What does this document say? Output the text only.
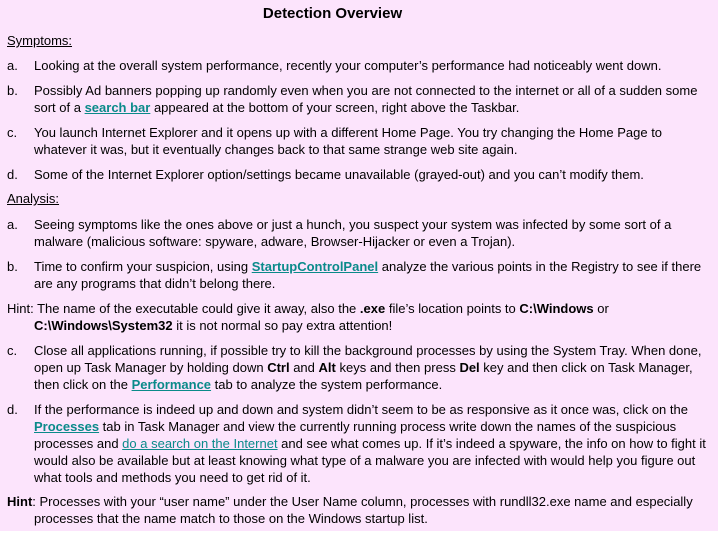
Detection Overview
Symptoms:
a. Looking at the overall system performance, recently your computer’s performance had noticeably went down.
b. Possibly Ad banners popping up randomly even when you are not connected to the internet or all of a sudden some sort of a search bar appeared at the bottom of your screen, right above the Taskbar.
c. You launch Internet Explorer and it opens up with a different Home Page. You try changing the Home Page to whatever it was, but it eventually changes back to that same strange web site again.
d. Some of the Internet Explorer option/settings became unavailable (grayed-out) and you can’t modify them.
Analysis:
a. Seeing symptoms like the ones above or just a hunch, you suspect your system was infected by some sort of a malware (malicious software: spyware, adware, Browser-Hijacker or even a Trojan).
b. Time to confirm your suspicion, using StartupControlPanel analyze the various points in the Registry to see if there are any programs that didn’t belong there.
Hint: The name of the executable could give it away, also the .exe file’s location points to C:\Windows or
C:\Windows\System32 it is not normal so pay extra attention!
c. Close all applications running, if possible try to kill the background processes by using the System Tray. When done, open up Task Manager by holding down Ctrl and Alt keys and then press Del key and then click on Task Manager, then click on the Performance tab to analyze the system performance.
d. If the performance is indeed up and down and system didn’t seem to be as responsive as it once was, click on the Processes tab in Task Manager and view the currently running process write down the names of the suspicious processes and do a search on the Internet and see what comes up. If it’s indeed a spyware, the info on how to fight it would also be available but at least knowing what type of a malware you are infected with would help you figure out what tools and methods you need to get rid of it.
Hint: Processes with your “user name” under the User Name column, processes with rundll32.exe name and especially processes that the name match to those on the Windows startup list.
